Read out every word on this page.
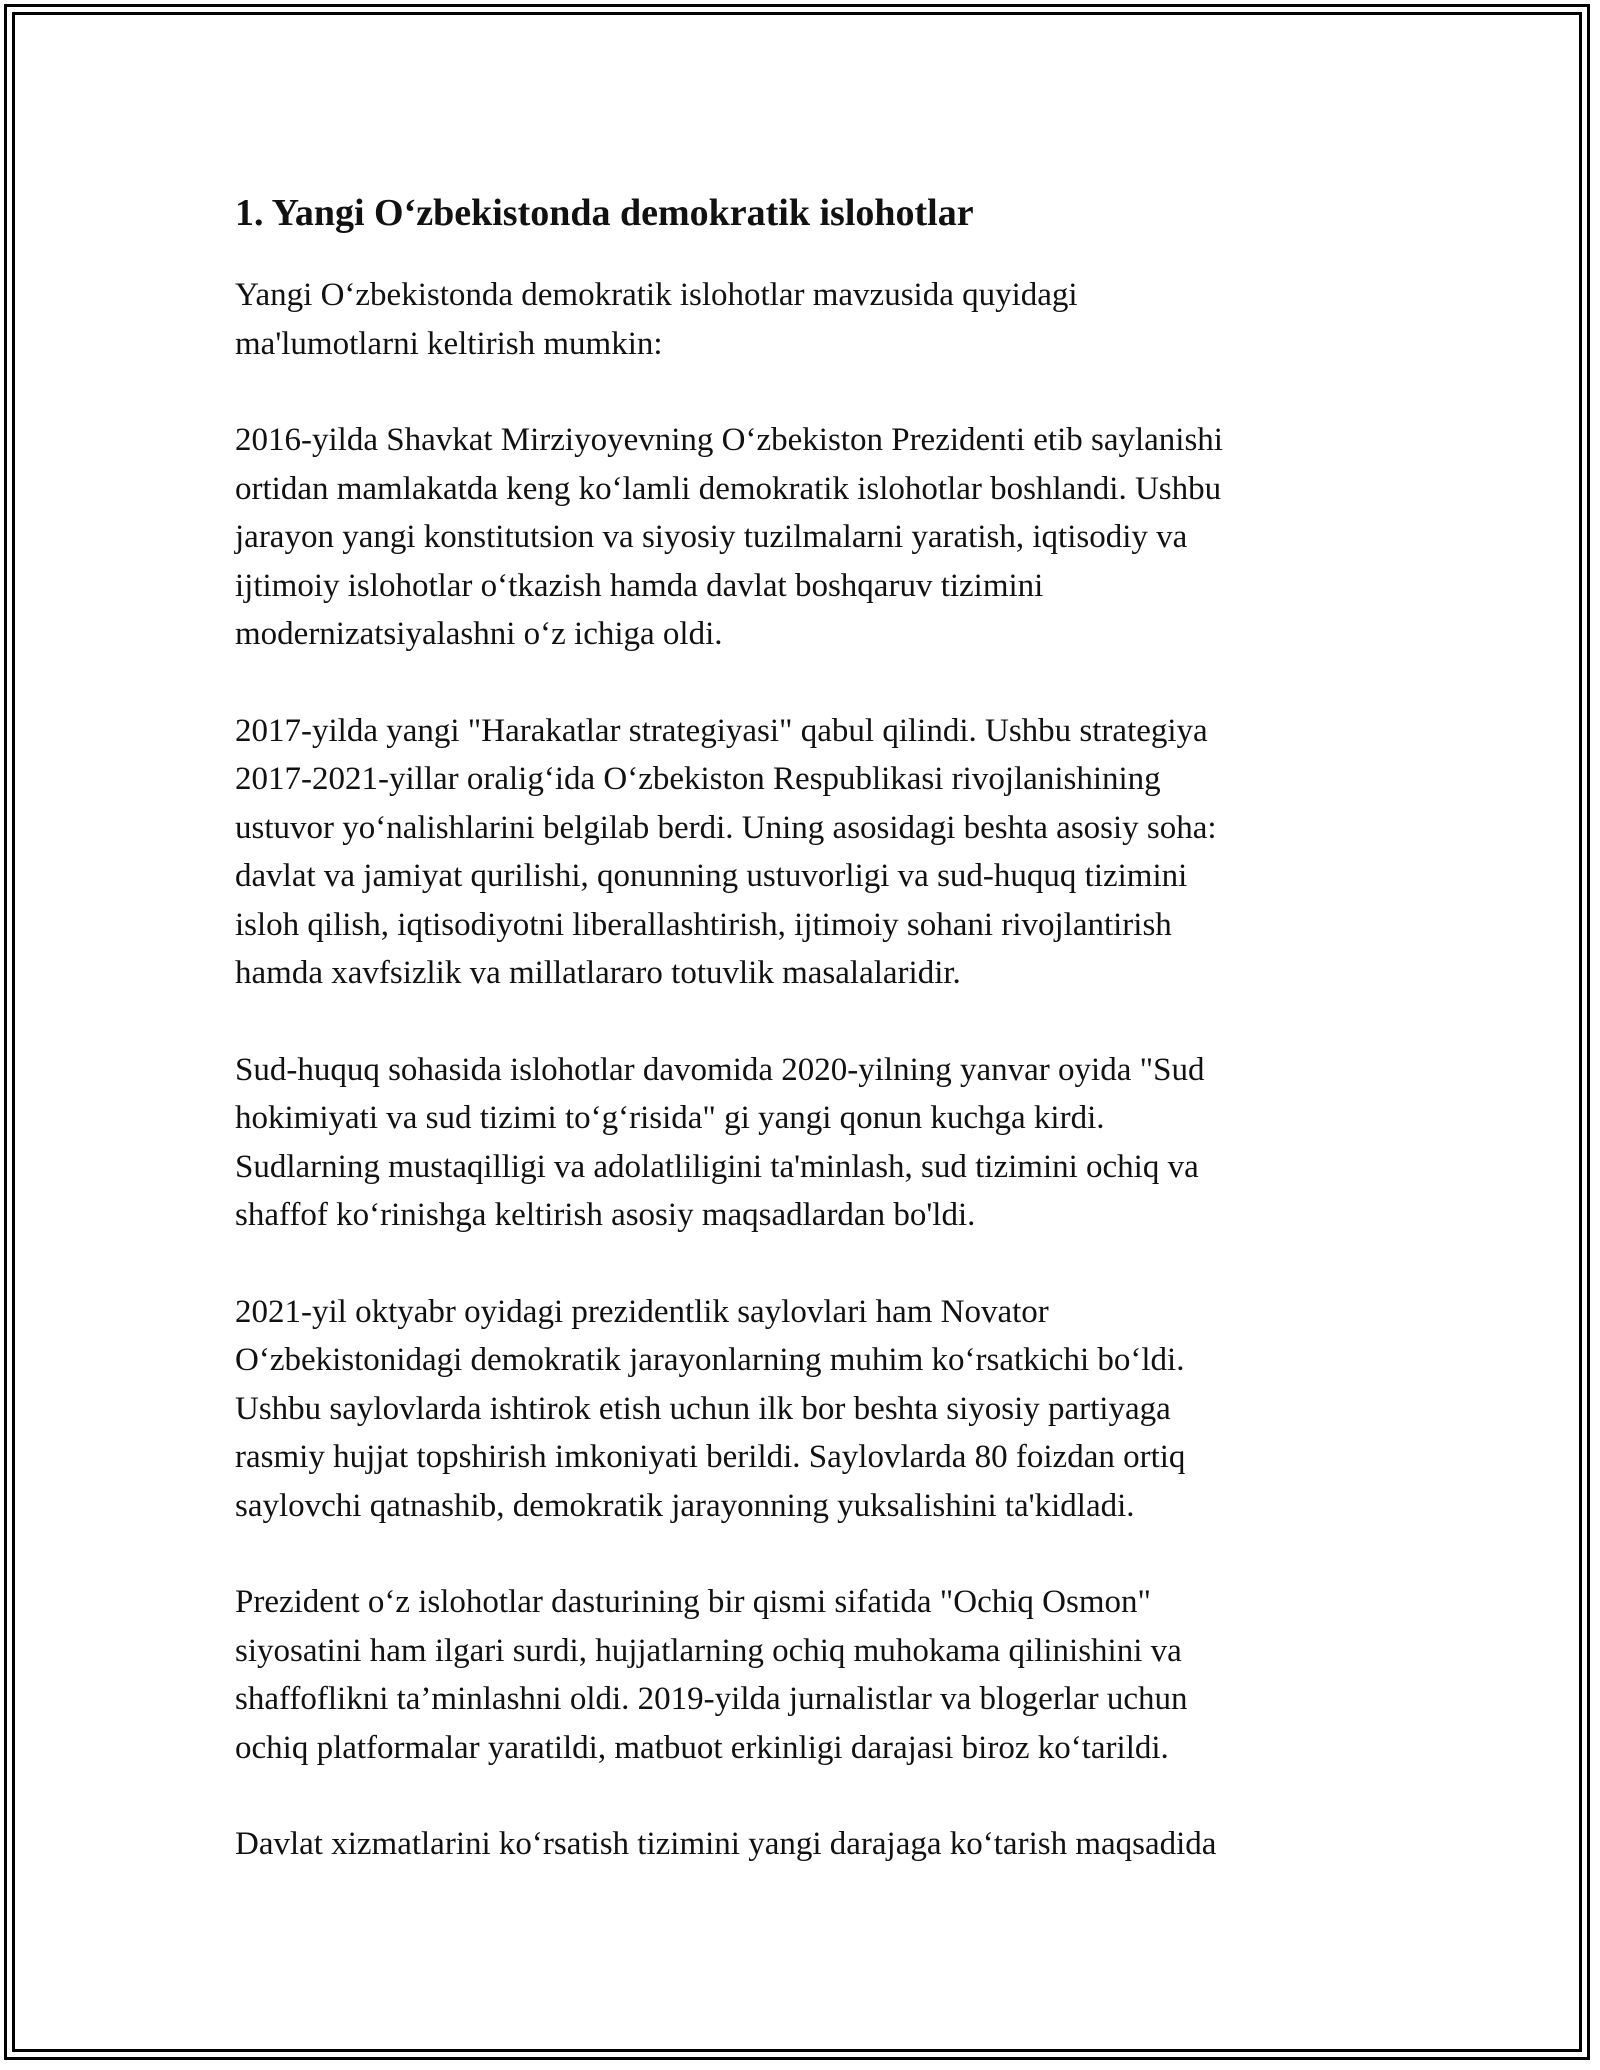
1. Yangi O‘zbekistonda demokratik islohotlar

Yangi O‘zbekistonda demokratik islohotlar mavzusida quyidagi
ma'lumotlarni keltirish mumkin:

2016-yilda Shavkat Mirziyoyevning O‘zbekiston Prezidenti etib saylanishi
ortidan mamlakatda keng ko‘lamli demokratik islohotlar boshlandi. Ushbu
jarayon yangi konstitutsion va siyosiy tuzilmalarni yaratish, iqtisodiy va
ijtimoiy islohotlar o‘tkazish hamda davlat boshqaruv tizimini
modernizatsiyalashni o‘z ichiga oldi.

2017-yilda yangi "Harakatlar strategiyasi" qabul qilindi. Ushbu strategiya
2017-2021-yillar oralig‘ida O‘zbekiston Respublikasi rivojlanishining
ustuvor yo‘nalishlarini belgilab berdi. Uning asosidagi beshta asosiy soha:
davlat va jamiyat qurilishi, qonunning ustuvorligi va sud-huquq tizimini
isloh qilish, iqtisodiyotni liberallashtirish, ijtimoiy sohani rivojlantirish
hamda xavfsizlik va millatlararo totuvlik masalalaridir.

Sud-huquq sohasida islohotlar davomida 2020-yilning yanvar oyida "Sud
hokimiyati va sud tizimi to‘g‘risida" gi yangi qonun kuchga kirdi.
Sudlarning mustaqilligi va adolatliligini ta'minlash, sud tizimini ochiq va
shaffof ko‘rinishga keltirish asosiy maqsadlardan bo'ldi.

2021-yil oktyabr oyidagi prezidentlik saylovlari ham Novator
O‘zbekistonidagi demokratik jarayonlarning muhim ko‘rsatkichi bo‘ldi.
Ushbu saylovlarda ishtirok etish uchun ilk bor beshta siyosiy partiyaga
rasmiy hujjat topshirish imkoniyati berildi. Saylovlarda 80 foizdan ortiq
saylovchi qatnashib, demokratik jarayonning yuksalishini ta'kidladi.

Prezident o‘z islohotlar dasturining bir qismi sifatida "Ochiq Osmon"
siyosatini ham ilgari surdi, hujjatlarning ochiq muhokama qilinishini va
shaffoflikni ta’minlashni oldi. 2019-yilda jurnalistlar va blogerlar uchun
ochiq platformalar yaratildi, matbuot erkinligi darajasi biroz ko‘tarildi.

Davlat xizmatlarini ko‘rsatish tizimini yangi darajaga ko‘tarish maqsadida
